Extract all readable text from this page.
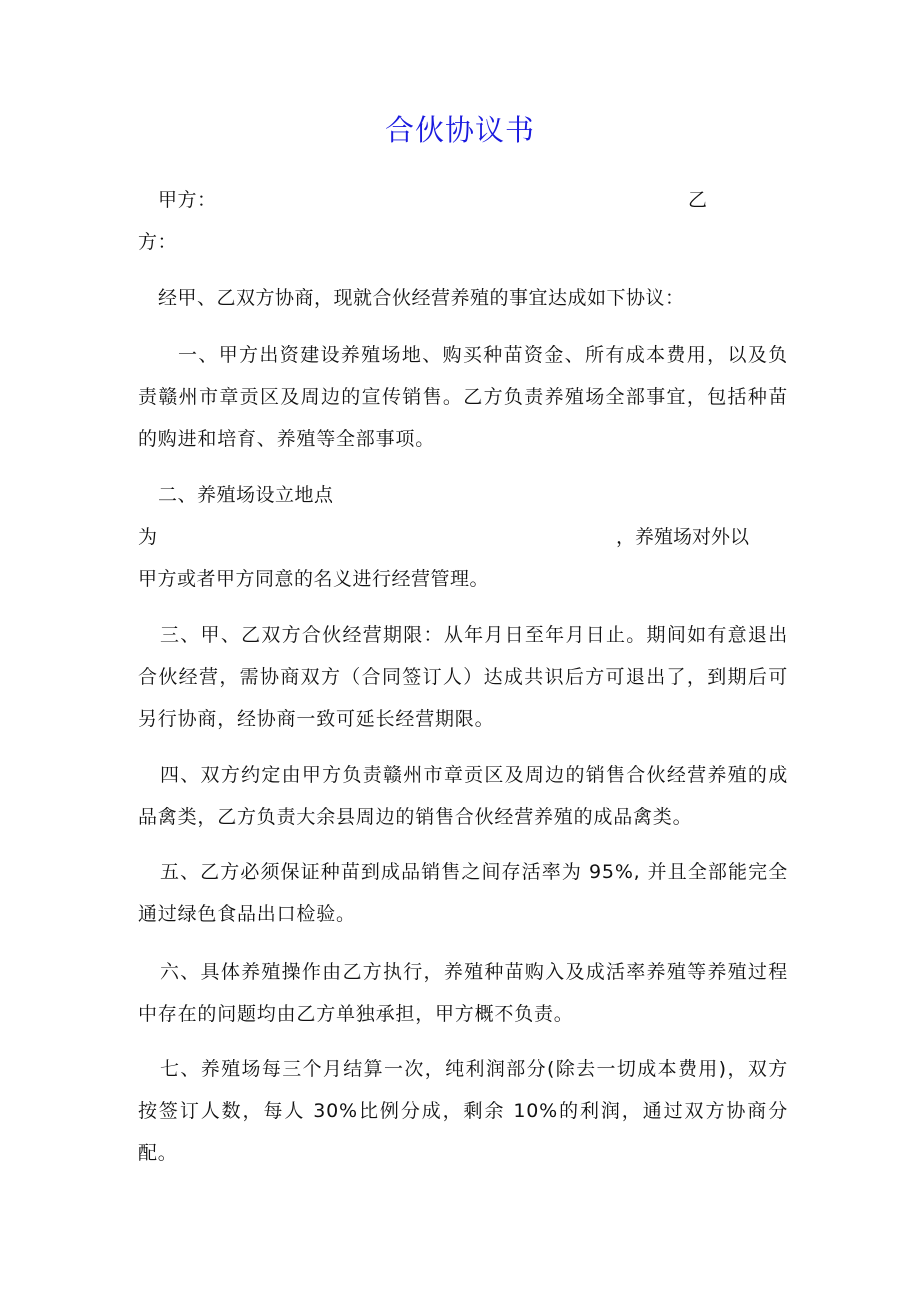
合伙协议书
甲方：	乙
方：
经甲、乙双方协商，现就合伙经营养殖的事宜达成如下协议：
一、甲方出资建设养殖场地、购买种苗资金、所有成本费用，以及负责赣州市章贡区及周边的宣传销售。乙方负责养殖场全部事宜，包括种苗的购进和培育、养殖等全部事项。
二、养殖场设立地点
为	，养殖场对外以
甲方或者甲方同意的名义进行经营管理。
三、甲、乙双方合伙经营期限：从年月日至年月日止。期间如有意退出合伙经营，需协商双方（合同签订人）达成共识后方可退出了，到期后可另行协商，经协商一致可延长经营期限。
四、双方约定由甲方负责赣州市章贡区及周边的销售合伙经营养殖的成品禽类，乙方负责大余县周边的销售合伙经营养殖的成品禽类。
五、乙方必须保证种苗到成品销售之间存活率为 95%, 并且全部能完全通过绿色食品出口检验。
六、具体养殖操作由乙方执行，养殖种苗购入及成活率养殖等养殖过程中存在的问题均由乙方单独承担，甲方概不负责。
七、养殖场每三个月结算一次，纯利润部分(除去一切成本费用)，双方按签订人数，每人 30%比例分成，剩余 10%的利润，通过双方协商分配。
